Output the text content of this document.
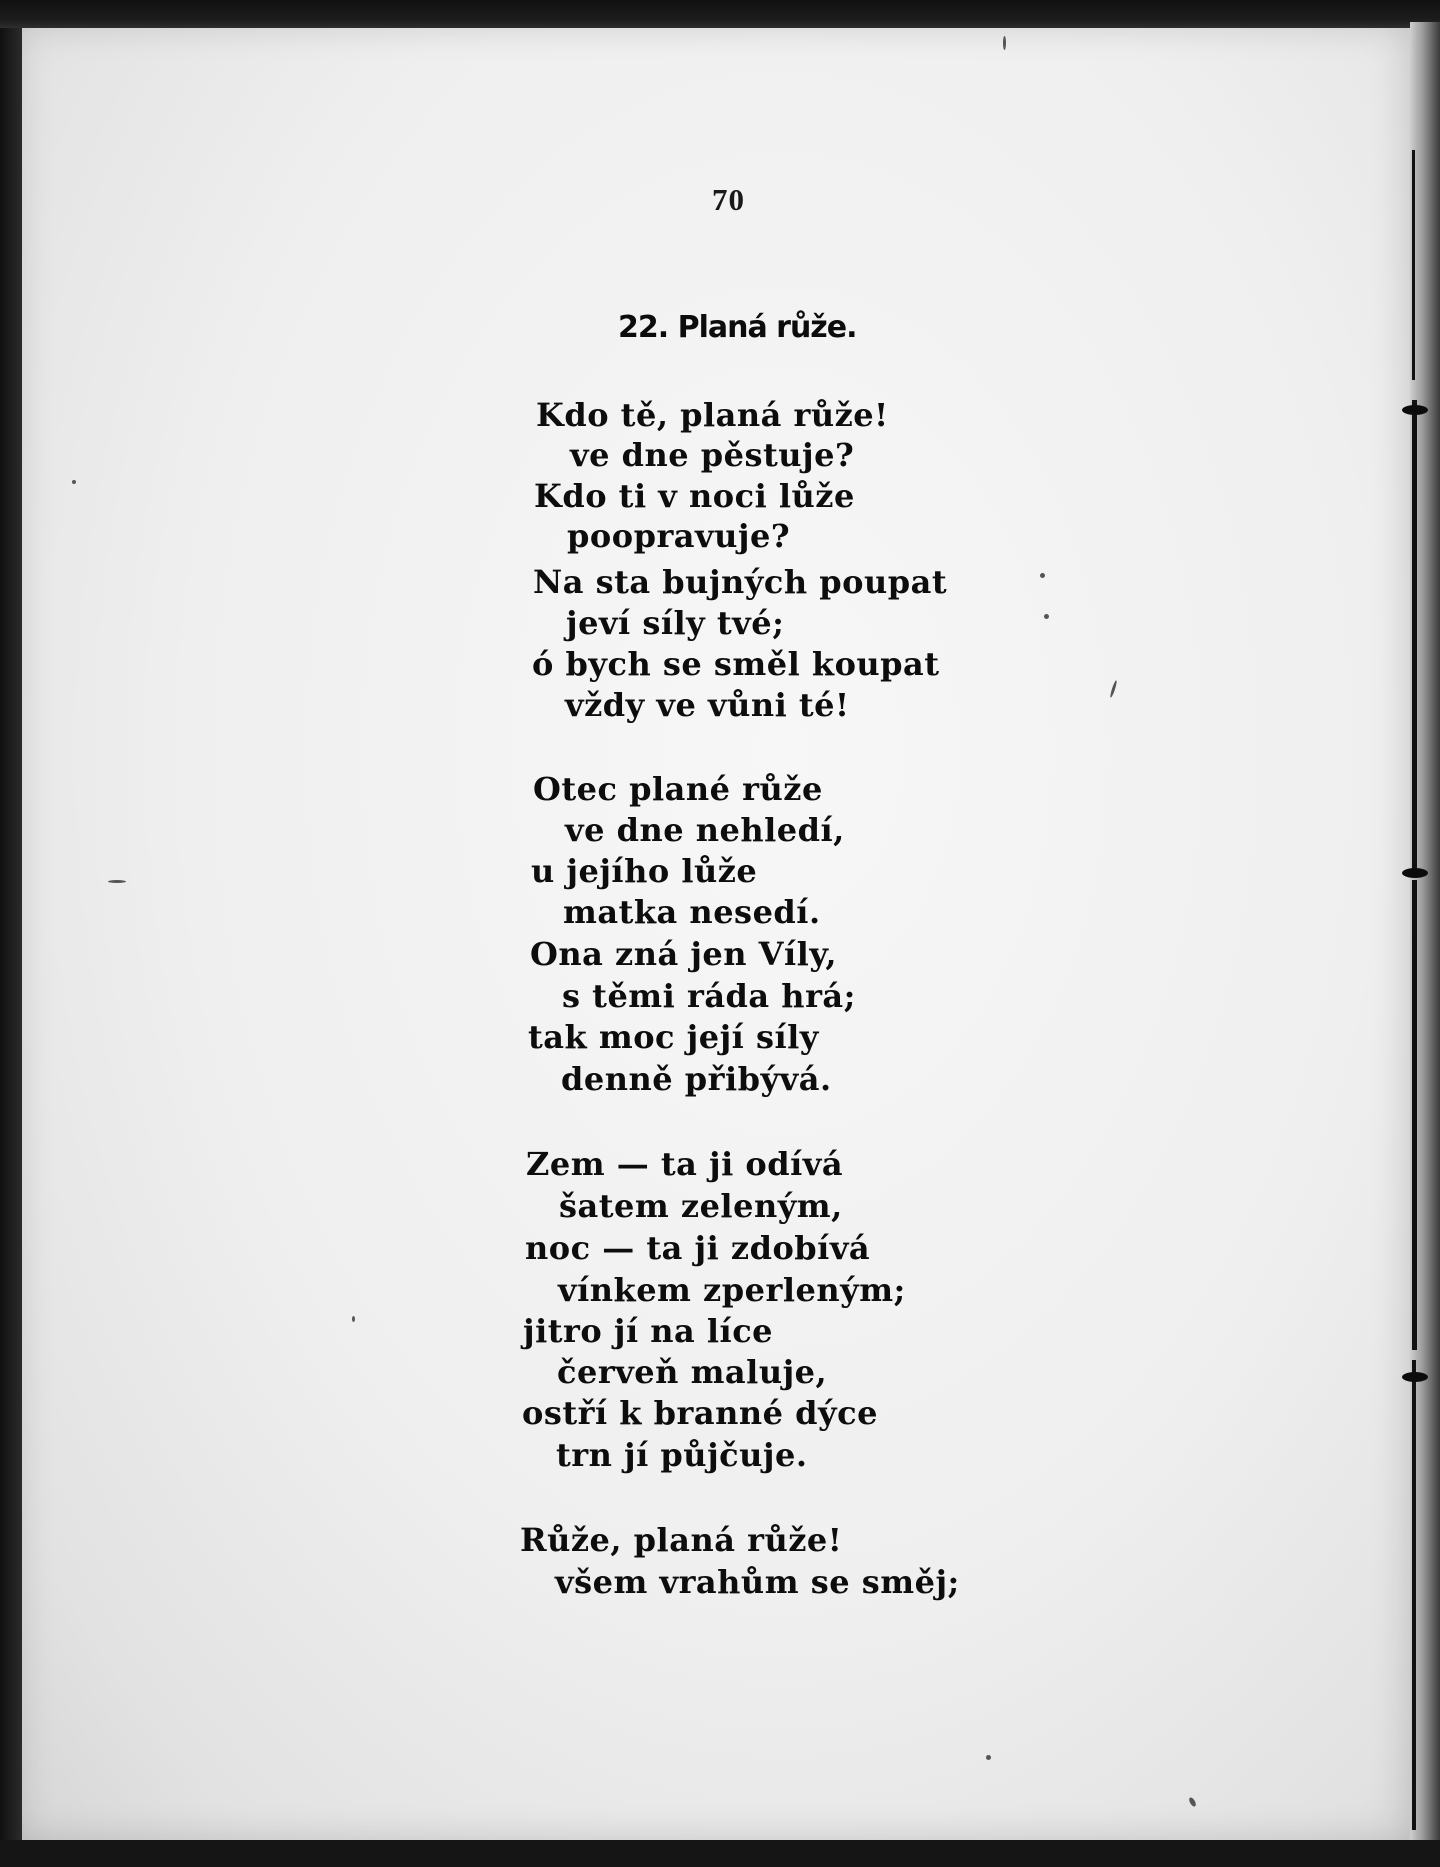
70
22. Planá růže.
Kdo tě, planá růže!
ve dne pěstuje?
Kdo ti v noci lůže
poopravuje?
Na sta bujných poupat
jeví síly tvé;
ó bych se směl koupat
vždy ve vůni té!
Otec plané růže
ve dne nehledí,
u jejího lůže
matka nesedí.
Ona zná jen Víly,
s těmi ráda hrá;
tak moc její síly
denně přibývá.
Zem — ta ji odívá
šatem zeleným,
noc — ta ji zdobívá
vínkem zperleným;
jitro jí na líce
červeň maluje,
ostří k branné dýce
trn jí půjčuje.
Růže, planá růže!
všem vrahům se směj;
